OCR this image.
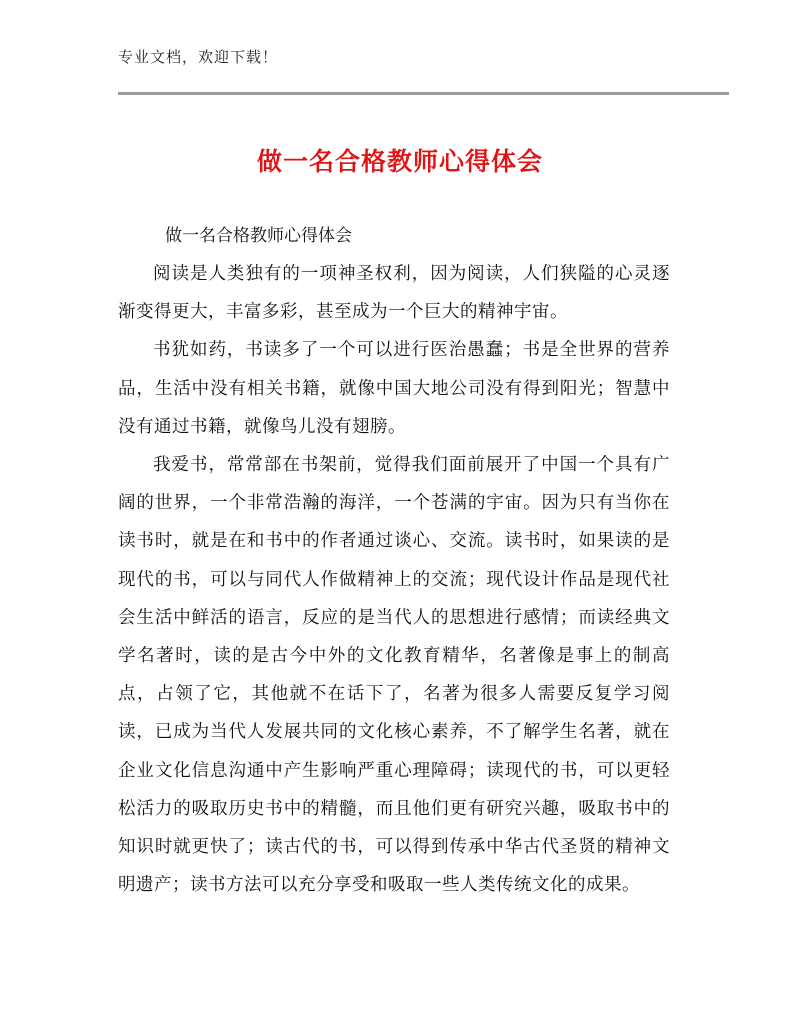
专业文档，欢迎下载！
做一名合格教师心得体会
做一名合格教师心得体会

阅读是人类独有的一项神圣权利，因为阅读，人们狭隘的心灵逐渐变得更大，丰富多彩，甚至成为一个巨大的精神宇宙。

书犹如药，书读多了一个可以进行医治愚蠢；书是全世界的营养品，生活中没有相关书籍，就像中国大地公司没有得到阳光；智慧中没有通过书籍，就像鸟儿没有翅膀。

我爱书，常常部在书架前，觉得我们面前展开了中国一个具有广阔的世界，一个非常浩瀚的海洋，一个苍满的宇宙。因为只有当你在读书时，就是在和书中的作者通过谈心、交流。读书时，如果读的是现代的书，可以与同代人作做精神上的交流；现代设计作品是现代社会生活中鲜活的语言，反应的是当代人的思想进行感情；而读经典文学名著时，读的是古今中外的文化教育精华，名著像是事上的制高点，占领了它，其他就不在话下了，名著为很多人需要反复学习阅读，已成为当代人发展共同的文化核心素养，不了解学生名著，就在企业文化信息沟通中产生影响严重心理障碍；读现代的书，可以更轻松活力的吸取历史书中的精髓，而且他们更有研究兴趣，吸取书中的知识时就更快了；读古代的书，可以得到传承中华古代圣贤的精神文明遗产；读书方法可以充分享受和吸取一些人类传统文化的成果。
